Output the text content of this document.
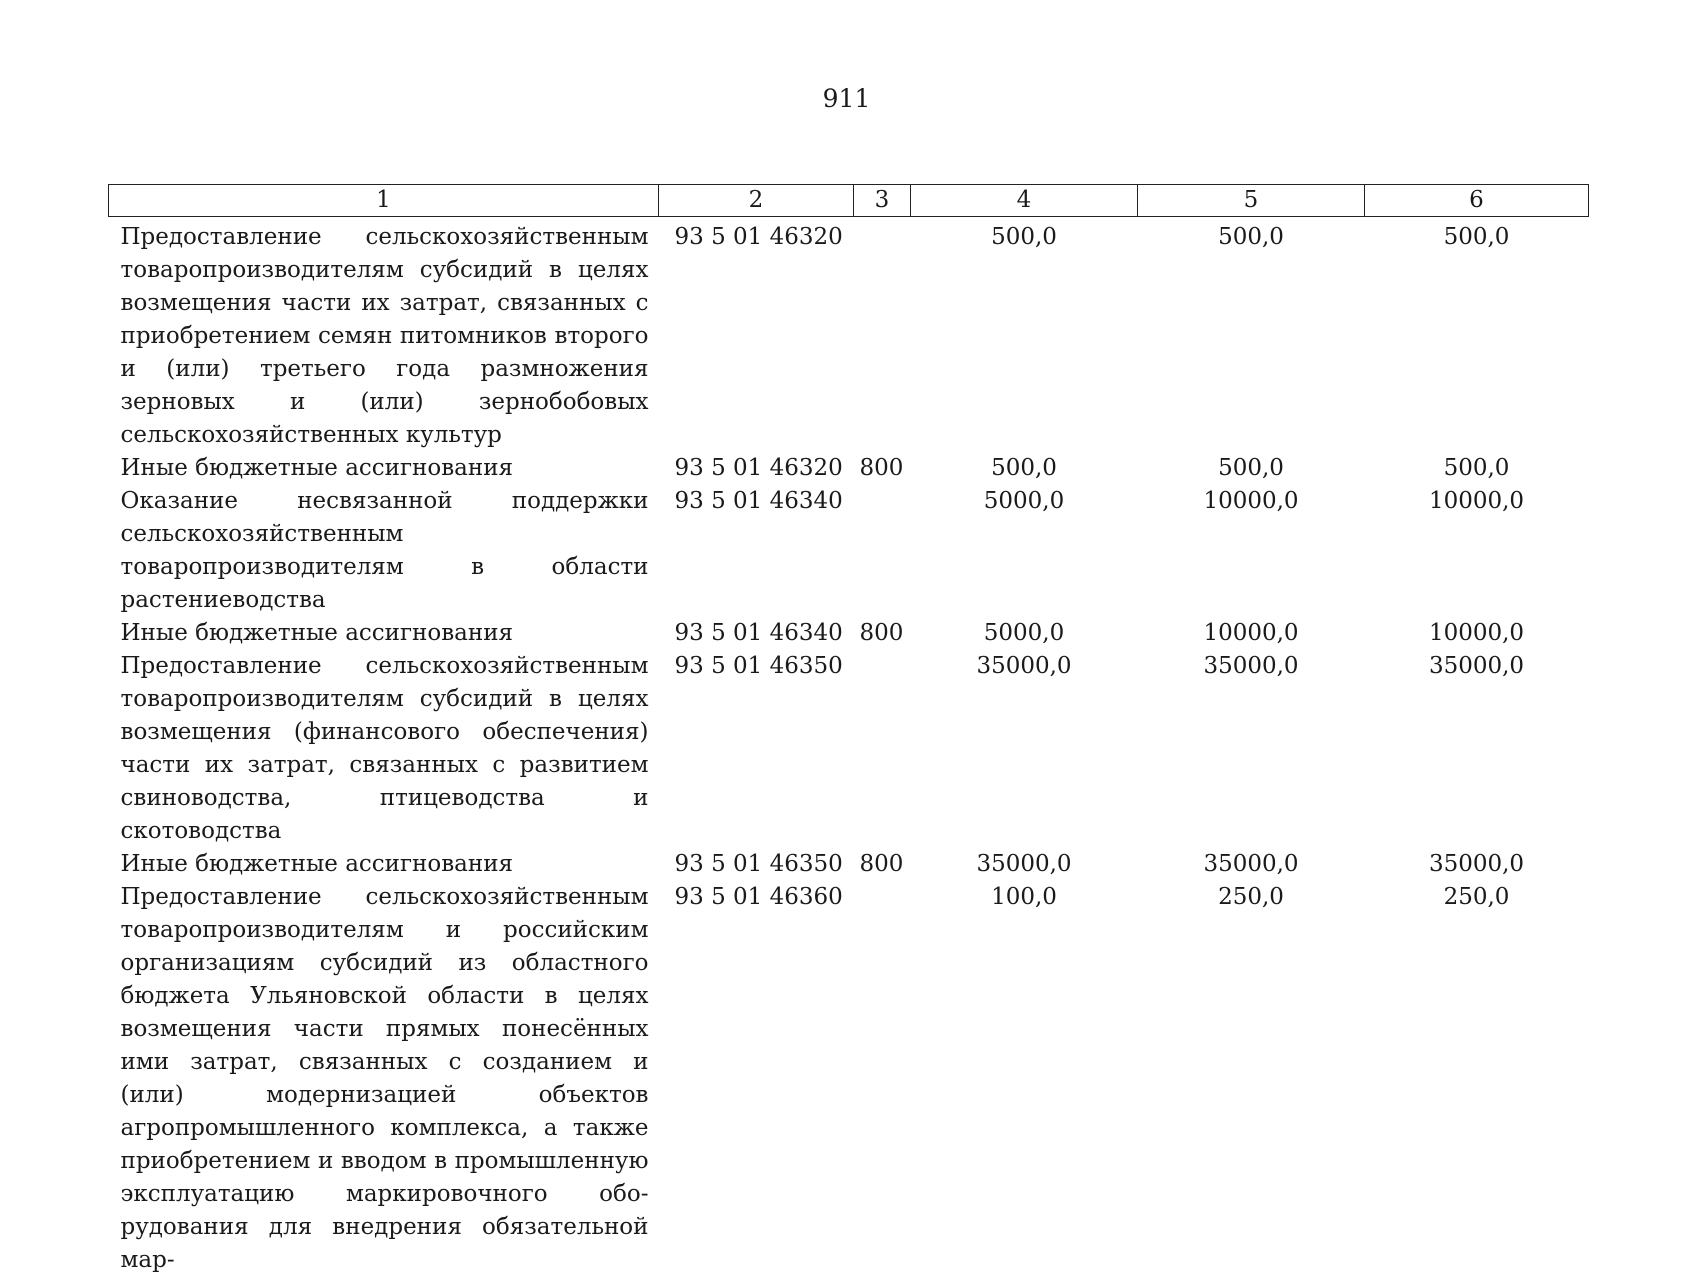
911
1	2	3	4	5	6
Предоставление сельскохозяйственным товаропроизводителям субсидий в целях возмещения части их затрат, связанных с приобретением семян питомников второго и (или) третьего года размножения зерновых и (или) зернобобовых сельскохозяйственных культур	93 5 01 46320		500,0	500,0	500,0
Иные бюджетные ассигнования	93 5 01 46320	800	500,0	500,0	500,0
Оказание несвязанной поддержки сельскохозяйственным товаропроизводителям в области растениеводства	93 5 01 46340		5000,0	10000,0	10000,0
Иные бюджетные ассигнования	93 5 01 46340	800	5000,0	10000,0	10000,0
Предоставление сельскохозяйственным товаропроизводителям субсидий в целях возмещения (финансового обеспечения) части их затрат, связанных с развитием свиноводства, птицеводства и скотоводства	93 5 01 46350		35000,0	35000,0	35000,0
Иные бюджетные ассигнования	93 5 01 46350	800	35000,0	35000,0	35000,0
Предоставление сельскохозяйственным товаропроизводителям и российским организациям субсидий из областного бюджета Ульяновской области в целях возмещения части прямых понесённых ими затрат, связанных с созданием и (или) модернизацией объектов агропромышленного комплекса, а также приобретением и вводом в промышленную эксплуатацию маркировочного оборудования для внедрения обязательной мар-	93 5 01 46360		100,0	250,0	250,0
